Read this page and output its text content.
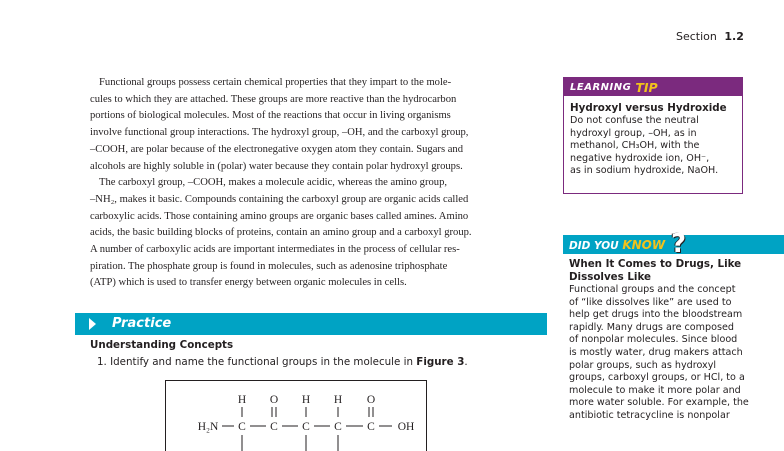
Section 1.2

Functional groups possess certain chemical properties that they impart to the mole-
cules to which they are attached. These groups are more reactive than the hydrocarbon
portions of biological molecules. Most of the reactions that occur in living organisms
involve functional group interactions. The hydroxyl group, –OH, and the carboxyl group,
–COOH, are polar because of the electronegative oxygen atom they contain. Sugars and
alcohols are highly soluble in (polar) water because they contain polar hydroxyl groups.

The carboxyl group, –COOH, makes a molecule acidic, whereas the amino group,
–NH₂, makes it basic. Compounds containing the carboxyl group are organic acids called
carboxylic acids. Those containing amino groups are organic bases called amines. Amino
acids, the basic building blocks of proteins, contain an amino group and a carboxyl group.
A number of carboxylic acids are important intermediates in the process of cellular res-
piration. The phosphate group is found in molecules, such as adenosine triphosphate
(ATP) which is used to transfer energy between organic molecules in cells.

LEARNING TIP
Hydroxyl versus Hydroxide
Do not confuse the neutral
hydroxyl group, –OH, as in
methanol, CH₃OH, with the
negative hydroxide ion, OH⁻,
as in sodium hydroxide, NaOH.
DID YOU KNOW ?
When It Comes to Drugs, Like
Dissolves Like
Functional groups and the concept
of “like dissolves like” are used to
help get drugs into the bloodstream
rapidly. Many drugs are composed
of nonpolar molecules. Since blood
is mostly water, drug makers attach
polar groups, such as hydroxyl
groups, carboxyl groups, or HCl, to a
molecule to make it more polar and
more water soluble. For example, the
antibiotic tetracycline is nonpolar
Practice
Understanding Concepts
1. Identify and name the functional groups in the molecule in Figure 3.
H O H H O
H₂N C C C C C OH
